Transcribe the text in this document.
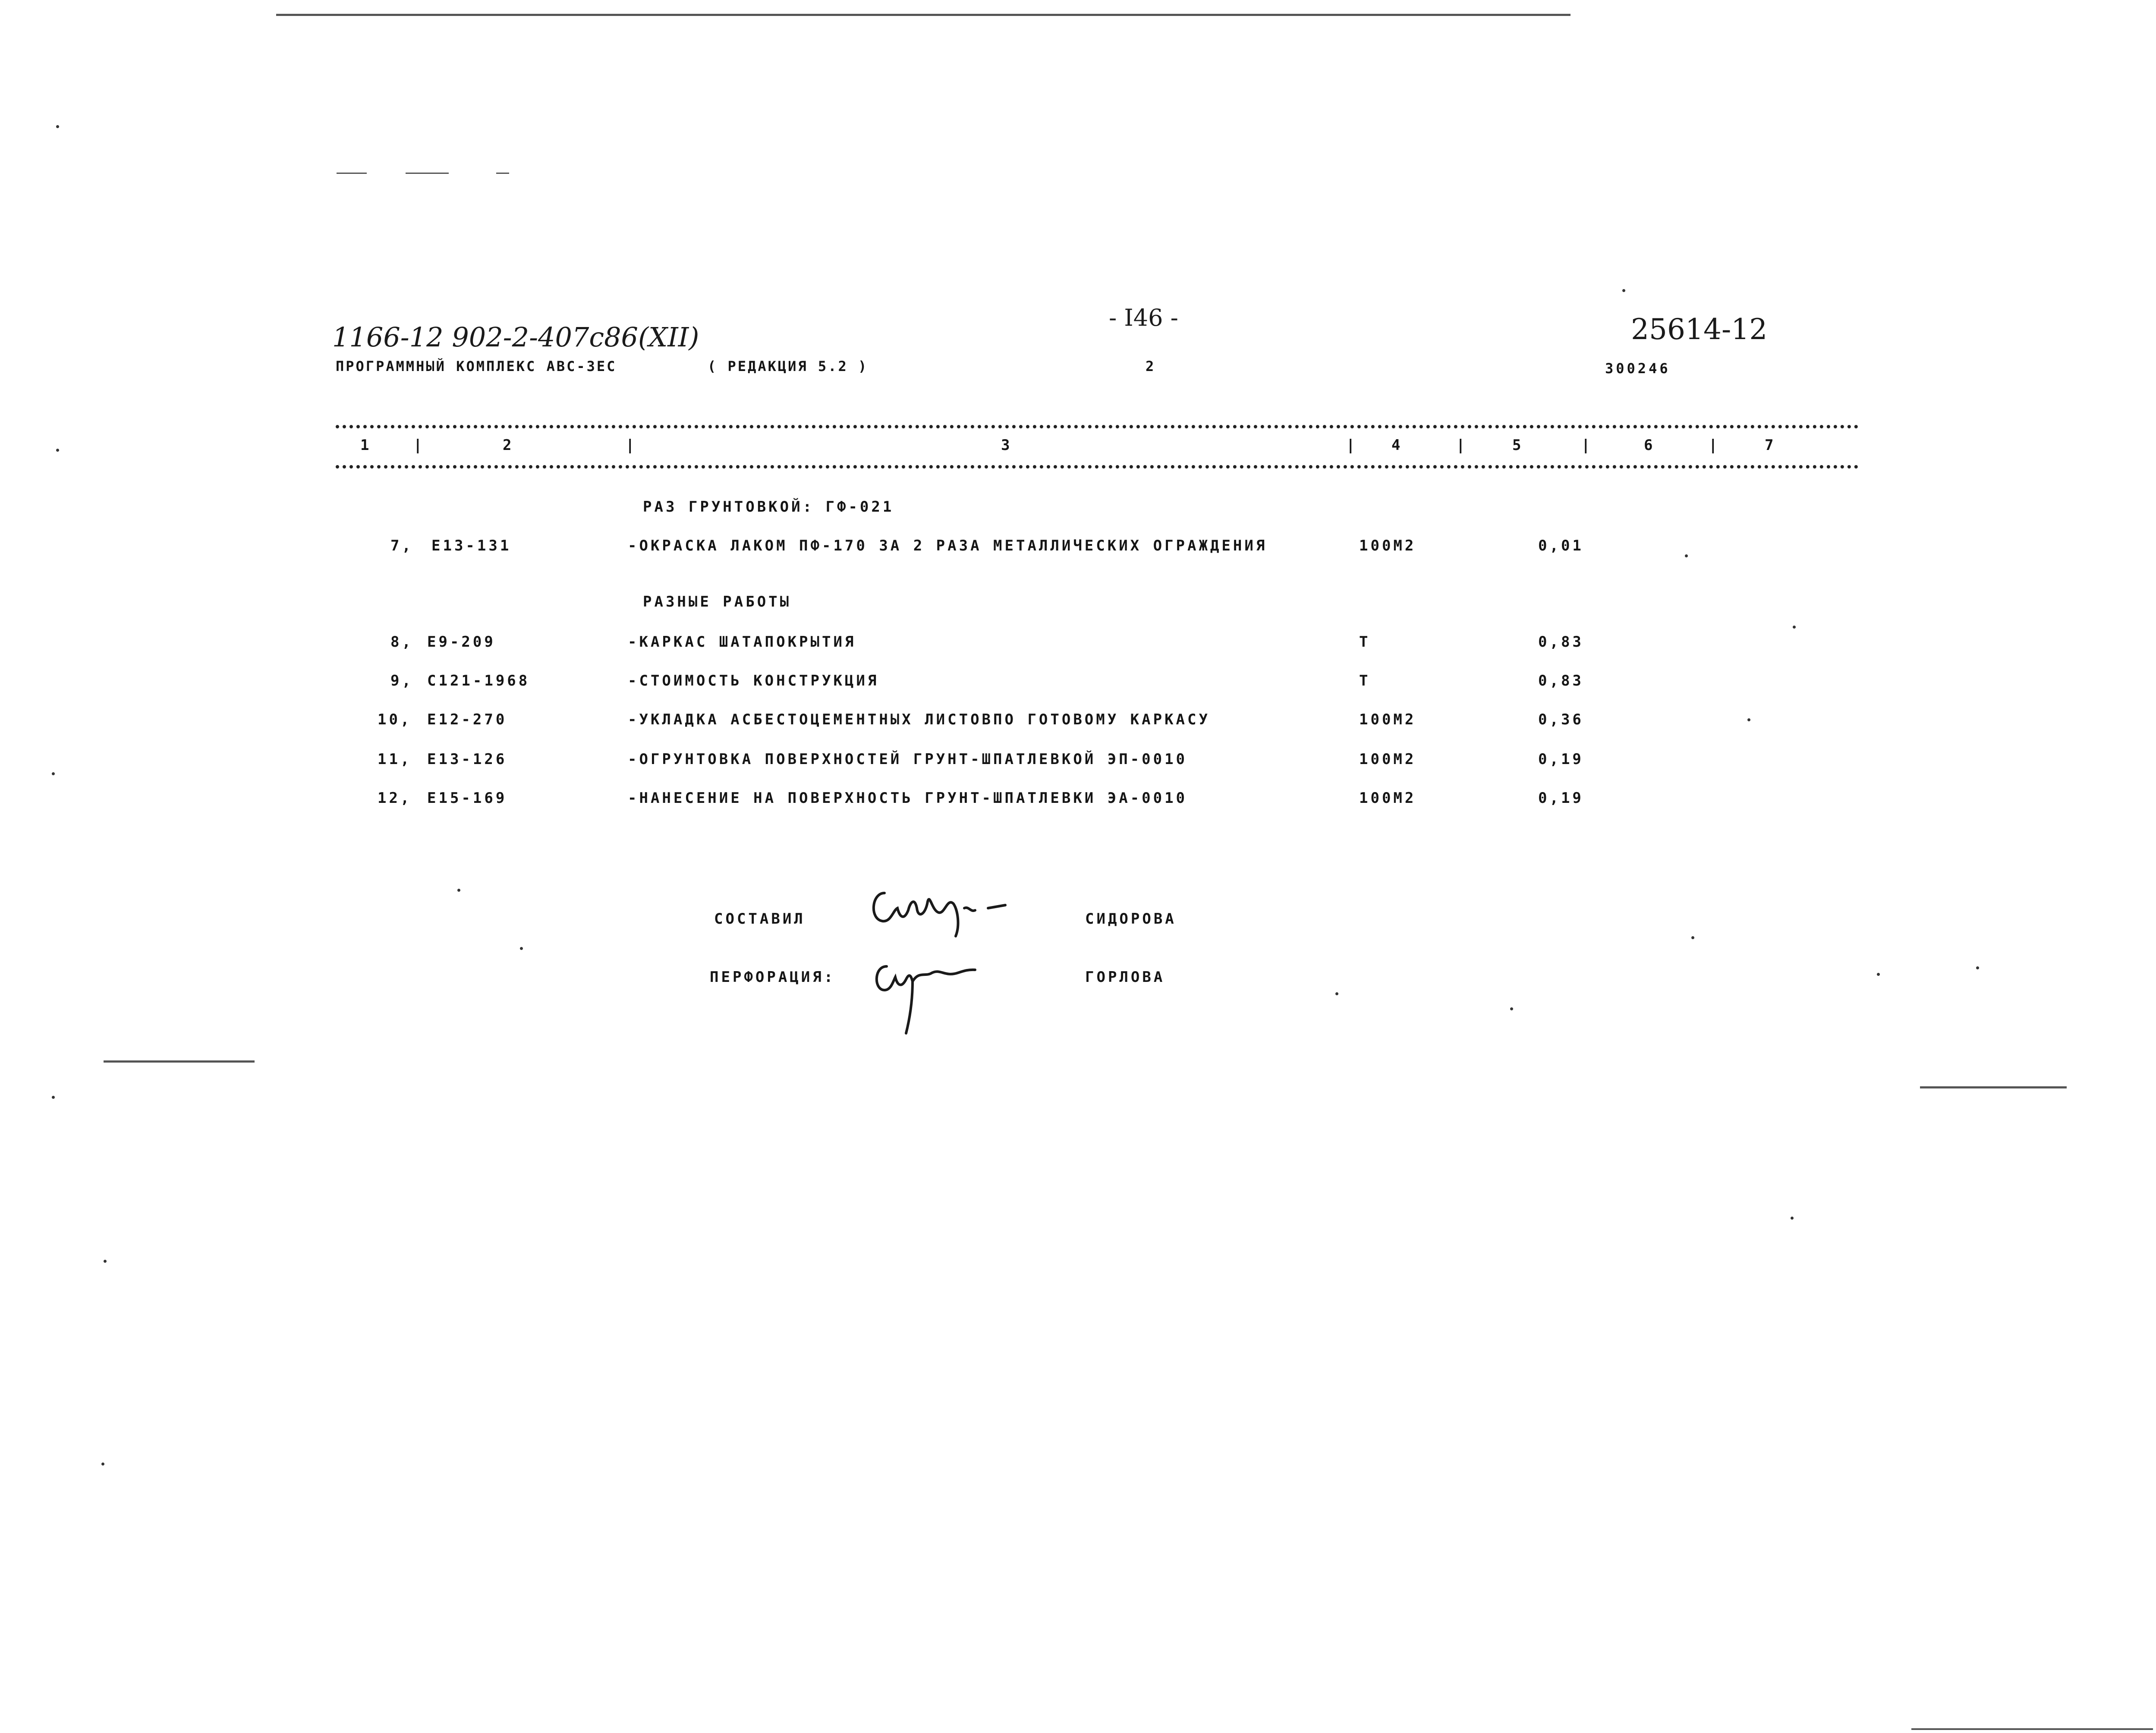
1166-12 902-2-407c86(XII)
ПРОГРАММНЫЙ КОМПЛЕКС АВС-ЗЕС	( РЕДАКЦИЯ 5.2 )
- I46 -
2
25614-12
300246
1	2	3	4	5	6	7
|	|	|	|	|	|
РАЗ ГРУНТОВКОЙ: ГФ-021
7, Е13-131	-ОКРАСКА ЛАКОМ ПФ-170 ЗА 2 РАЗА МЕТАЛЛИЧЕСКИХ ОГРАЖДЕНИЯ	100М2	0,01
РАЗНЫЕ РАБОТЫ
8, Е9-209	-КАРКАС ШАТАПОКРЫТИЯ	Т	0,83
9, С121-1968	-СТОИМОСТЬ КОНСТРУКЦИЯ	Т	0,83
10, Е12-270	-УКЛАДКА АСБЕСТОЦЕМЕНТНЫХ ЛИСТОВПО ГОТОВОМУ КАРКАСУ	100М2	0,36
11, Е13-126	-ОГРУНТОВКА ПОВЕРХНОСТЕЙ ГРУНТ-ШПАТЛЕВКОЙ ЭП-0010	100М2	0,19
12, Е15-169	-НАНЕСЕНИЕ НА ПОВЕРХНОСТЬ ГРУНТ-ШПАТЛЕВКИ ЭА-0010	100М2	0,19
СОСТАВИЛ	СИДОРОВА
ПЕРФОРАЦИЯ:	ГОРЛОВА
